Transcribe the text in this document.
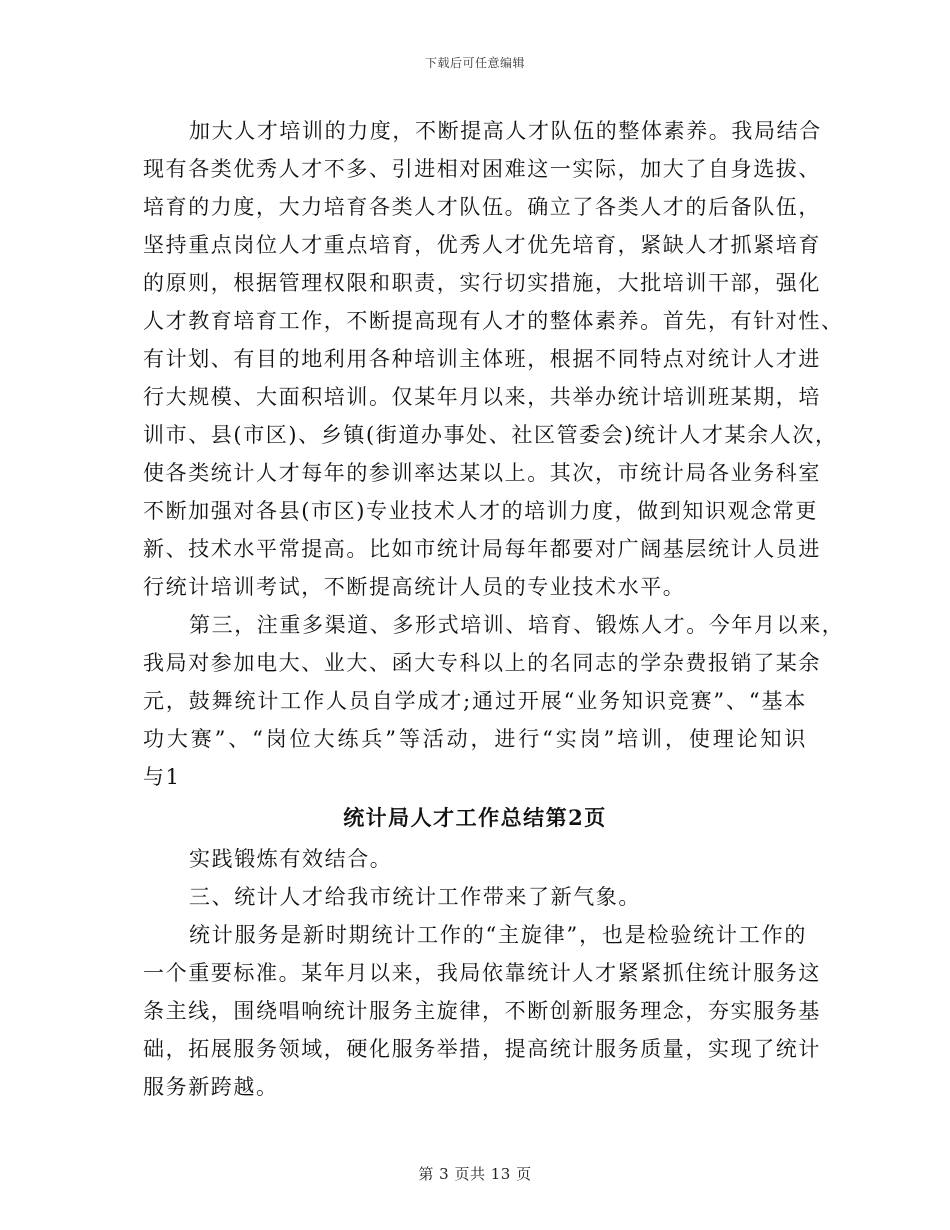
下载后可任意编辑
加大人才培训的力度，不断提高人才队伍的整体素养。我局结合
现有各类优秀人才不多、引进相对困难这一实际，加大了自身选拔、
培育的力度，大力培育各类人才队伍。确立了各类人才的后备队伍，
坚持重点岗位人才重点培育，优秀人才优先培育，紧缺人才抓紧培育
的原则，根据管理权限和职责，实行切实措施，大批培训干部，强化
人才教育培育工作，不断提高现有人才的整体素养。首先，有针对性、
有计划、有目的地利用各种培训主体班，根据不同特点对统计人才进
行大规模、大面积培训。仅某年月以来，共举办统计培训班某期，培
训市、县(市区)、乡镇(街道办事处、社区管委会)统计人才某余人次，
使各类统计人才每年的参训率达某以上。其次，市统计局各业务科室
不断加强对各县(市区)专业技术人才的培训力度，做到知识观念常更
新、技术水平常提高。比如市统计局每年都要对广阔基层统计人员进
行统计培训考试，不断提高统计人员的专业技术水平。
第三，注重多渠道、多形式培训、培育、锻炼人才。今年月以来，
我局对参加电大、业大、函大专科以上的名同志的学杂费报销了某余
元，鼓舞统计工作人员自学成才;通过开展“业务知识竞赛”、“基本
功大赛”、“岗位大练兵”等活动，进行“实岗”培训，使理论知识
与1
统计局人才工作总结第2页
实践锻炼有效结合。
三、统计人才给我市统计工作带来了新气象。
统计服务是新时期统计工作的“主旋律”，也是检验统计工作的
一个重要标准。某年月以来，我局依靠统计人才紧紧抓住统计服务这
条主线，围绕唱响统计服务主旋律，不断创新服务理念，夯实服务基
础，拓展服务领域，硬化服务举措，提高统计服务质量，实现了统计
服务新跨越。
第 3 页共 13 页
